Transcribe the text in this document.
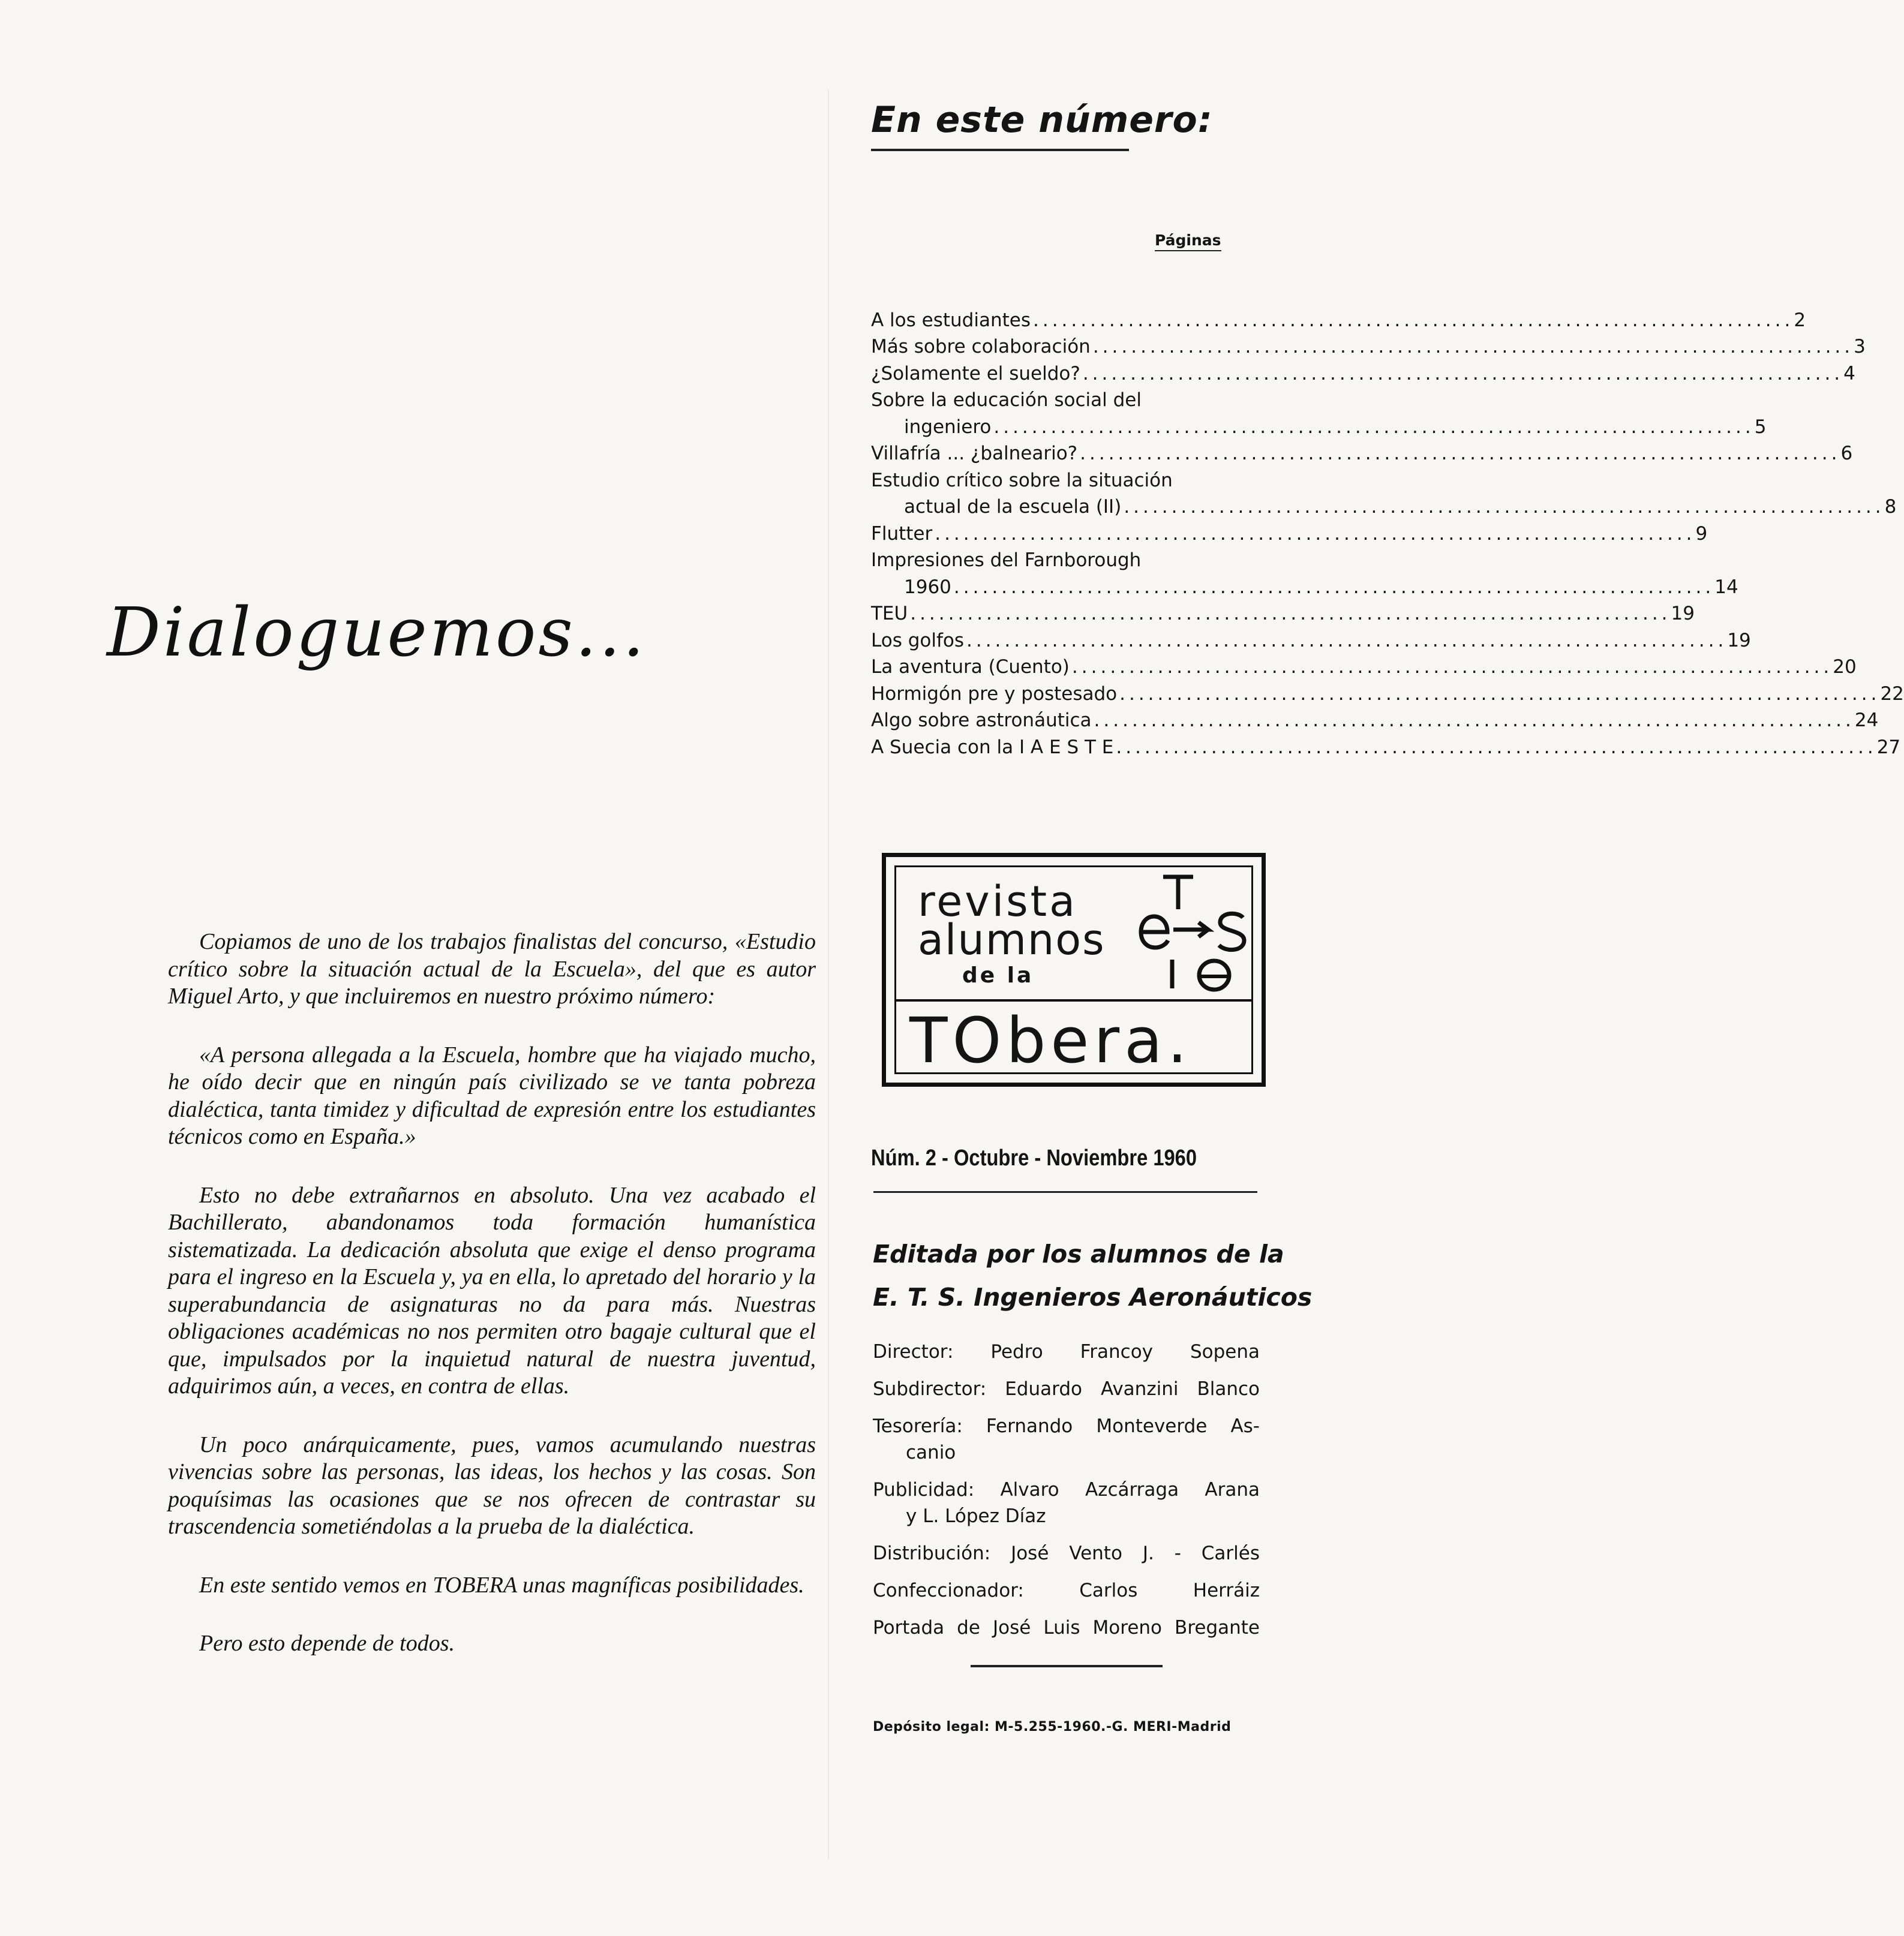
Dialoguemos...

Copiamos de uno de los trabajos finalistas del concurso, «Estudio crítico sobre la situación actual de la Escuela», del que es autor Miguel Arto, y que incluiremos en nuestro próximo número:

«A persona allegada a la Escuela, hombre que ha viajado mucho, he oído decir que en ningún país civilizado se ve tanta pobreza dialéctica, tanta timidez y dificultad de expresión entre los estudiantes técnicos como en España.»

Esto no debe extrañarnos en absoluto. Una vez acabado el Bachillerato, abandonamos toda formación humanística sistematizada. La dedicación absoluta que exige el denso programa para el ingreso en la Escuela y, ya en ella, lo apretado del horario y la superabundancia de asignaturas no da para más. Nuestras obligaciones académicas no nos permiten otro bagaje cultural que el que, impulsados por la inquietud natural de nuestra juventud, adquirimos aún, a veces, en contra de ellas.

Un poco anárquicamente, pues, vamos acumulando nuestras vivencias sobre las personas, las ideas, los hechos y las cosas. Son poquísimas las ocasiones que se nos ofrecen de contrastar su trascendencia sometiéndolas a la prueba de la dialéctica.

En este sentido vemos en TOBERA unas magníficas posibilidades.

Pero esto depende de todos.

En este número:
Páginas
A los estudiantes ................................................................................ 2
Más sobre colaboración ................................................................................ 3
¿Solamente el sueldo? ................................................................................ 4
Sobre la educación social del
ingeniero ................................................................................ 5
Villafría ... ¿balneario? ................................................................................ 6
Estudio crítico sobre la situación
actual de la escuela (II) ................................................................................ 8
Flutter ................................................................................ 9
Impresiones del Farnborough
1960 ................................................................................ 14
TEU ................................................................................ 19
Los golfos ................................................................................ 19
La aventura (Cuento) ................................................................................ 20
Hormigón pre y postesado ................................................................................ 22
Algo sobre astronáutica ................................................................................ 24
A Suecia con la I A E S T E ................................................................................ 27
revista
alumnos
de la
TObera.
Núm. 2 - Octubre - Noviembre 1960
Editada por los alumnos de la
E. T. S. Ingenieros Aeronáuticos
Director: Pedro Francoy Sopena
Subdirector: Eduardo Avanzini Blanco
Tesorería: Fernando Monteverde As-
canio
Publicidad: Alvaro Azcárraga Arana
y L. López Díaz
Distribución: José Vento J. - Carlés
Confeccionador: Carlos Herráiz
Portada de José Luis Moreno Bregante
Depósito legal: M-5.255-1960.-G. MERI-Madrid
